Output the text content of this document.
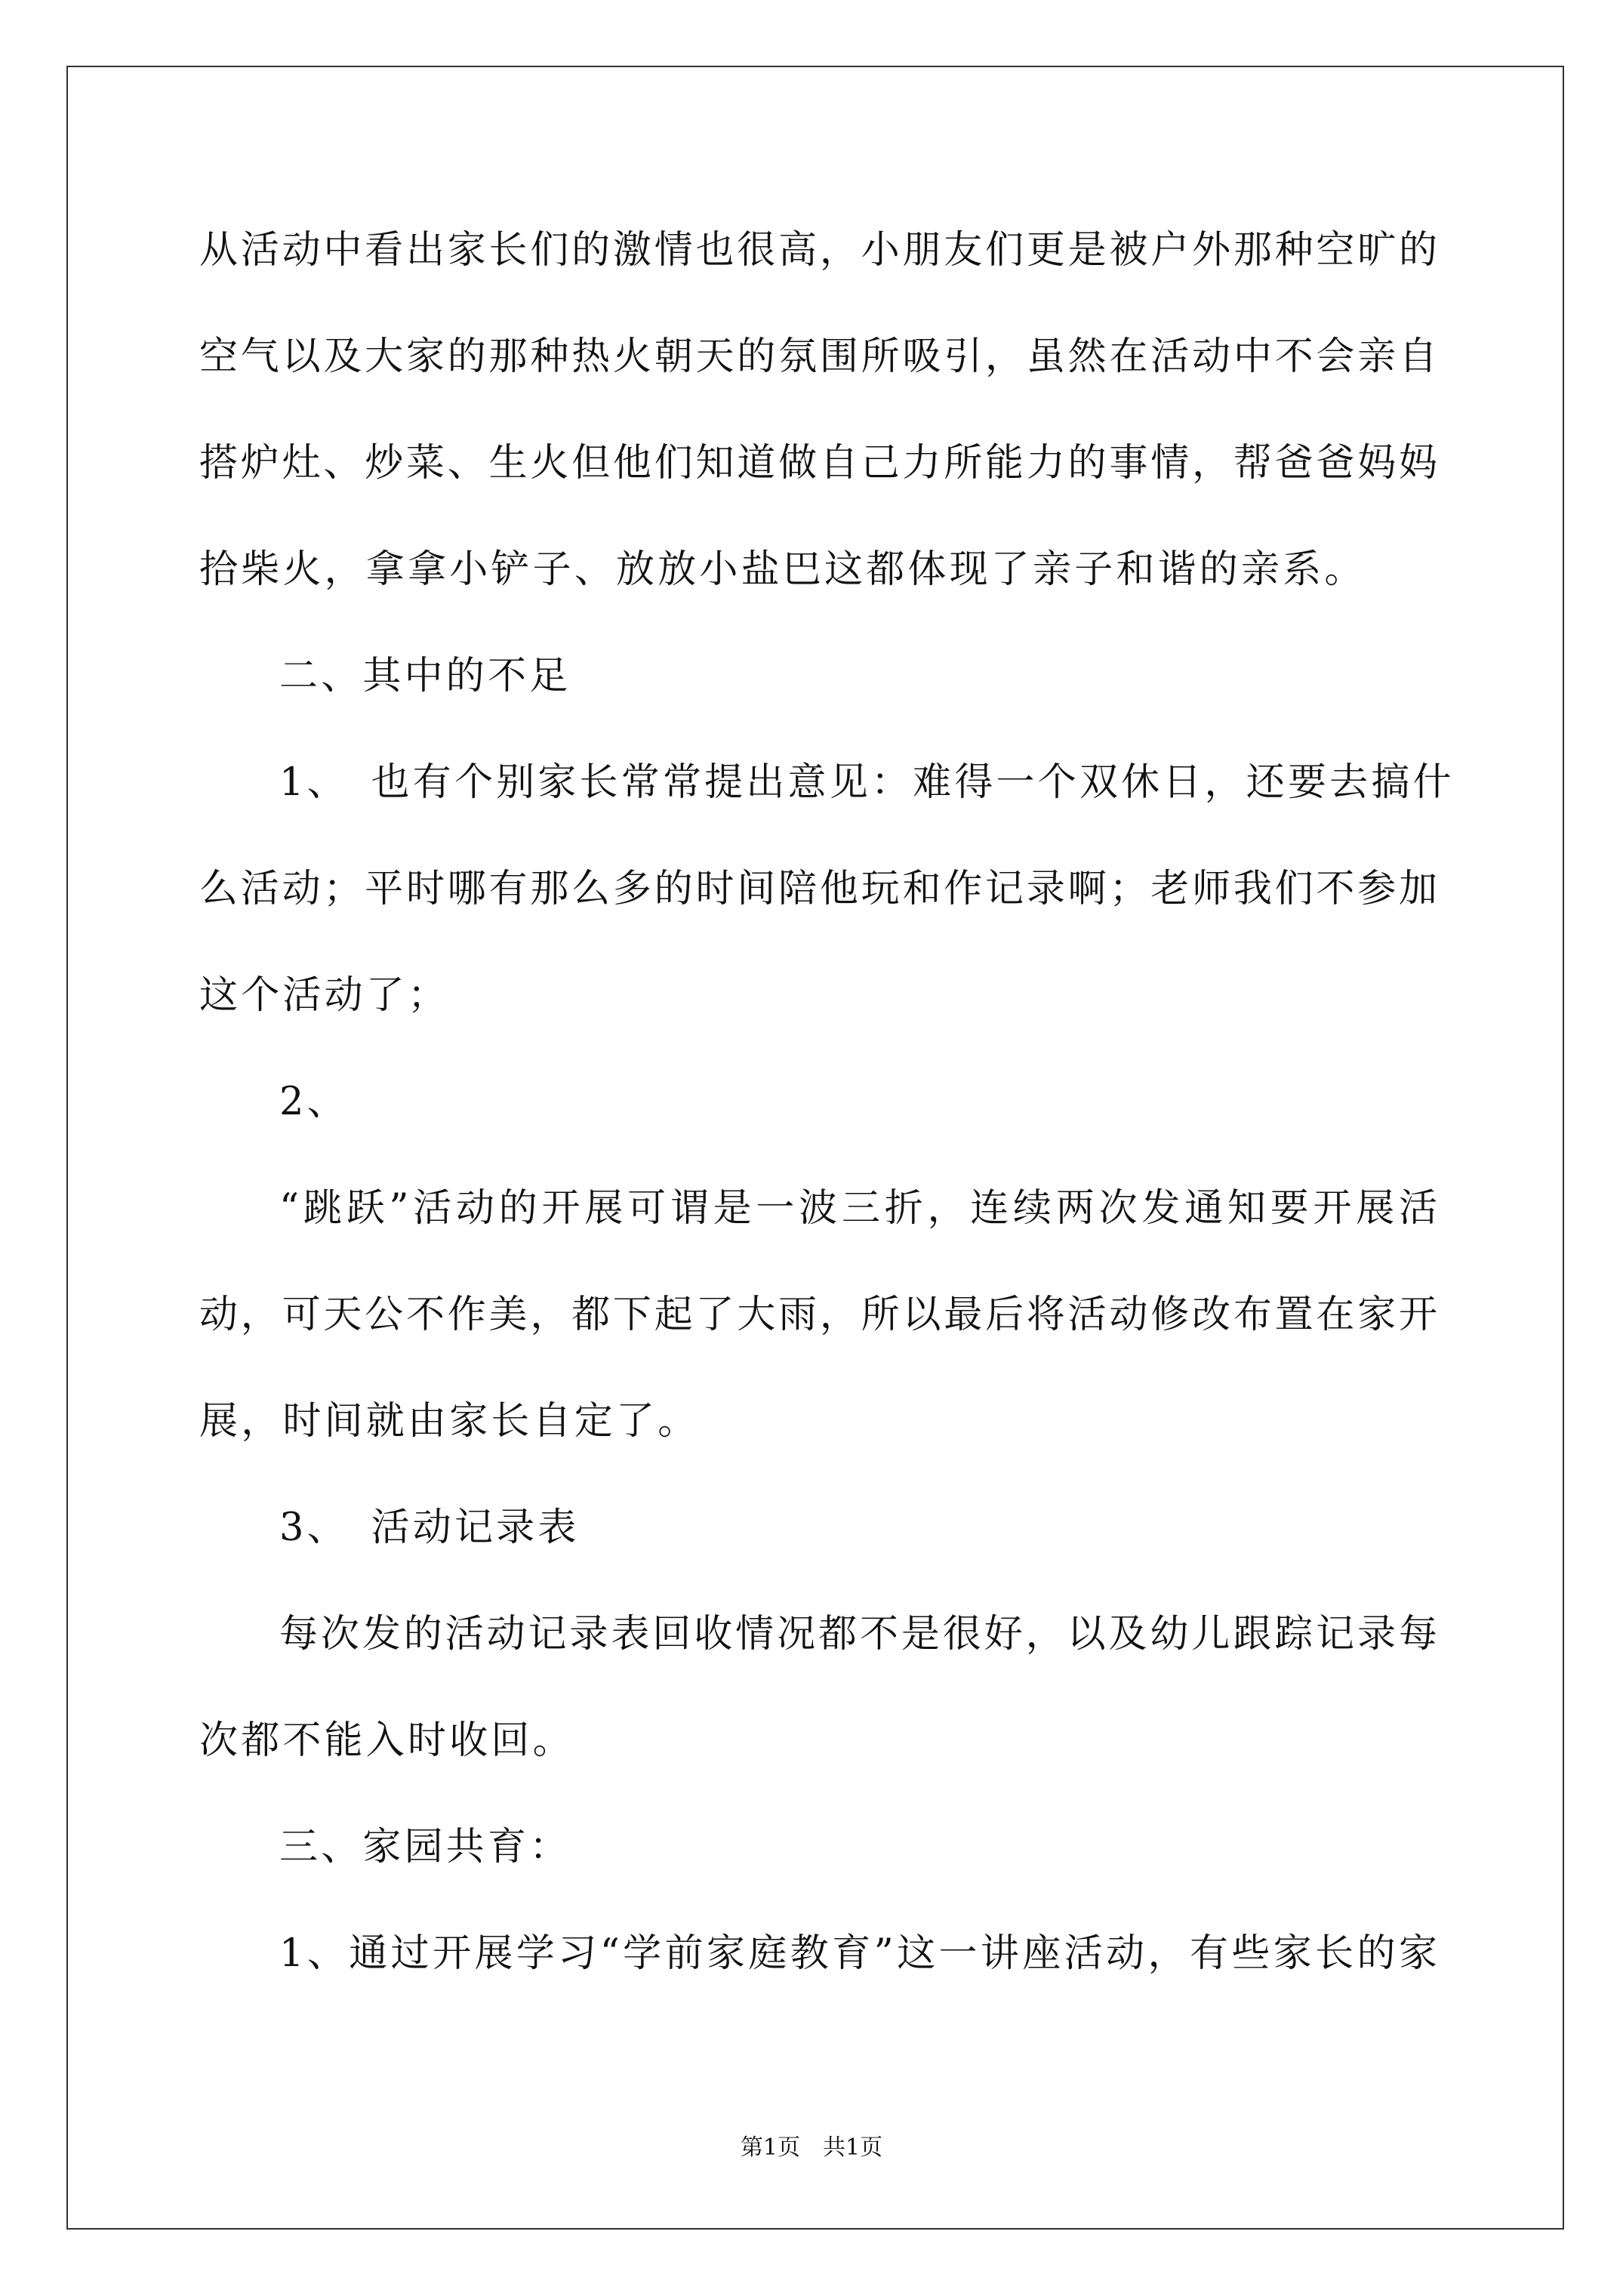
从活动中看出家长们的激情也很高，小朋友们更是被户外那种空旷的
空气以及大家的那种热火朝天的氛围所吸引，虽然在活动中不会亲自
搭炉灶、炒菜、生火但他们知道做自己力所能力的事情，帮爸爸妈妈
拾柴火，拿拿小铲子、放放小盐巴这都体现了亲子和谐的亲系。
二、其中的不足
1、　也有个别家长常常提出意见：难得一个双休日，还要去搞什
么活动；平时哪有那么多的时间陪他玩和作记录啊；老师我们不参加
这个活动了；
2、
“跳跃”活动的开展可谓是一波三折，连续两次发通知要开展活
动，可天公不作美，都下起了大雨，所以最后将活动修改布置在家开
展，时间就由家长自定了。
3、　活动记录表
每次发的活动记录表回收情况都不是很好，以及幼儿跟踪记录每
次都不能入时收回。
三、家园共育：
1、通过开展学习“学前家庭教育”这一讲座活动，有些家长的家
第1页　共1页
